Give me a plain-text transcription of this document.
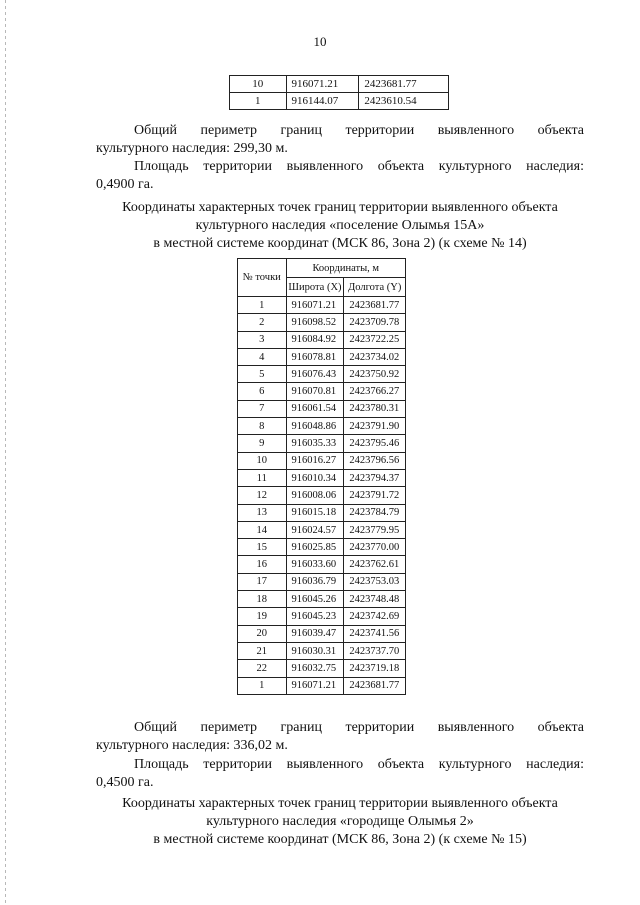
10
10	916071.21	2423681.77
1	916144.07	2423610.54

Общий периметр границ территории выявленного объекта

культурного наследия: 299,30 м.

Площадь территории выявленного объекта культурного наследия:

0,4900 га.

Координаты характерных точек границ территории выявленного объекта

культурного наследия «поселение Олымья 15А»

в местной системе координат (МСК 86, Зона 2) (к схеме № 14)

№ точки	Координаты, м	
	Широта (X)	Долгота (Y)
1	916071.21	2423681.77
2	916098.52	2423709.78
3	916084.92	2423722.25
4	916078.81	2423734.02
5	916076.43	2423750.92
6	916070.81	2423766.27
7	916061.54	2423780.31
8	916048.86	2423791.90
9	916035.33	2423795.46
10	916016.27	2423796.56
11	916010.34	2423794.37
12	916008.06	2423791.72
13	916015.18	2423784.79
14	916024.57	2423779.95
15	916025.85	2423770.00
16	916033.60	2423762.61
17	916036.79	2423753.03
18	916045.26	2423748.48
19	916045.23	2423742.69
20	916039.47	2423741.56
21	916030.31	2423737.70
22	916032.75	2423719.18
1	916071.21	2423681.77

Общий периметр границ территории выявленного объекта

культурного наследия: 336,02 м.

Площадь территории выявленного объекта культурного наследия:

0,4500 га.

Координаты характерных точек границ территории выявленного объекта

культурного наследия «городище Олымья 2»

в местной системе координат (МСК 86, Зона 2) (к схеме № 15)
